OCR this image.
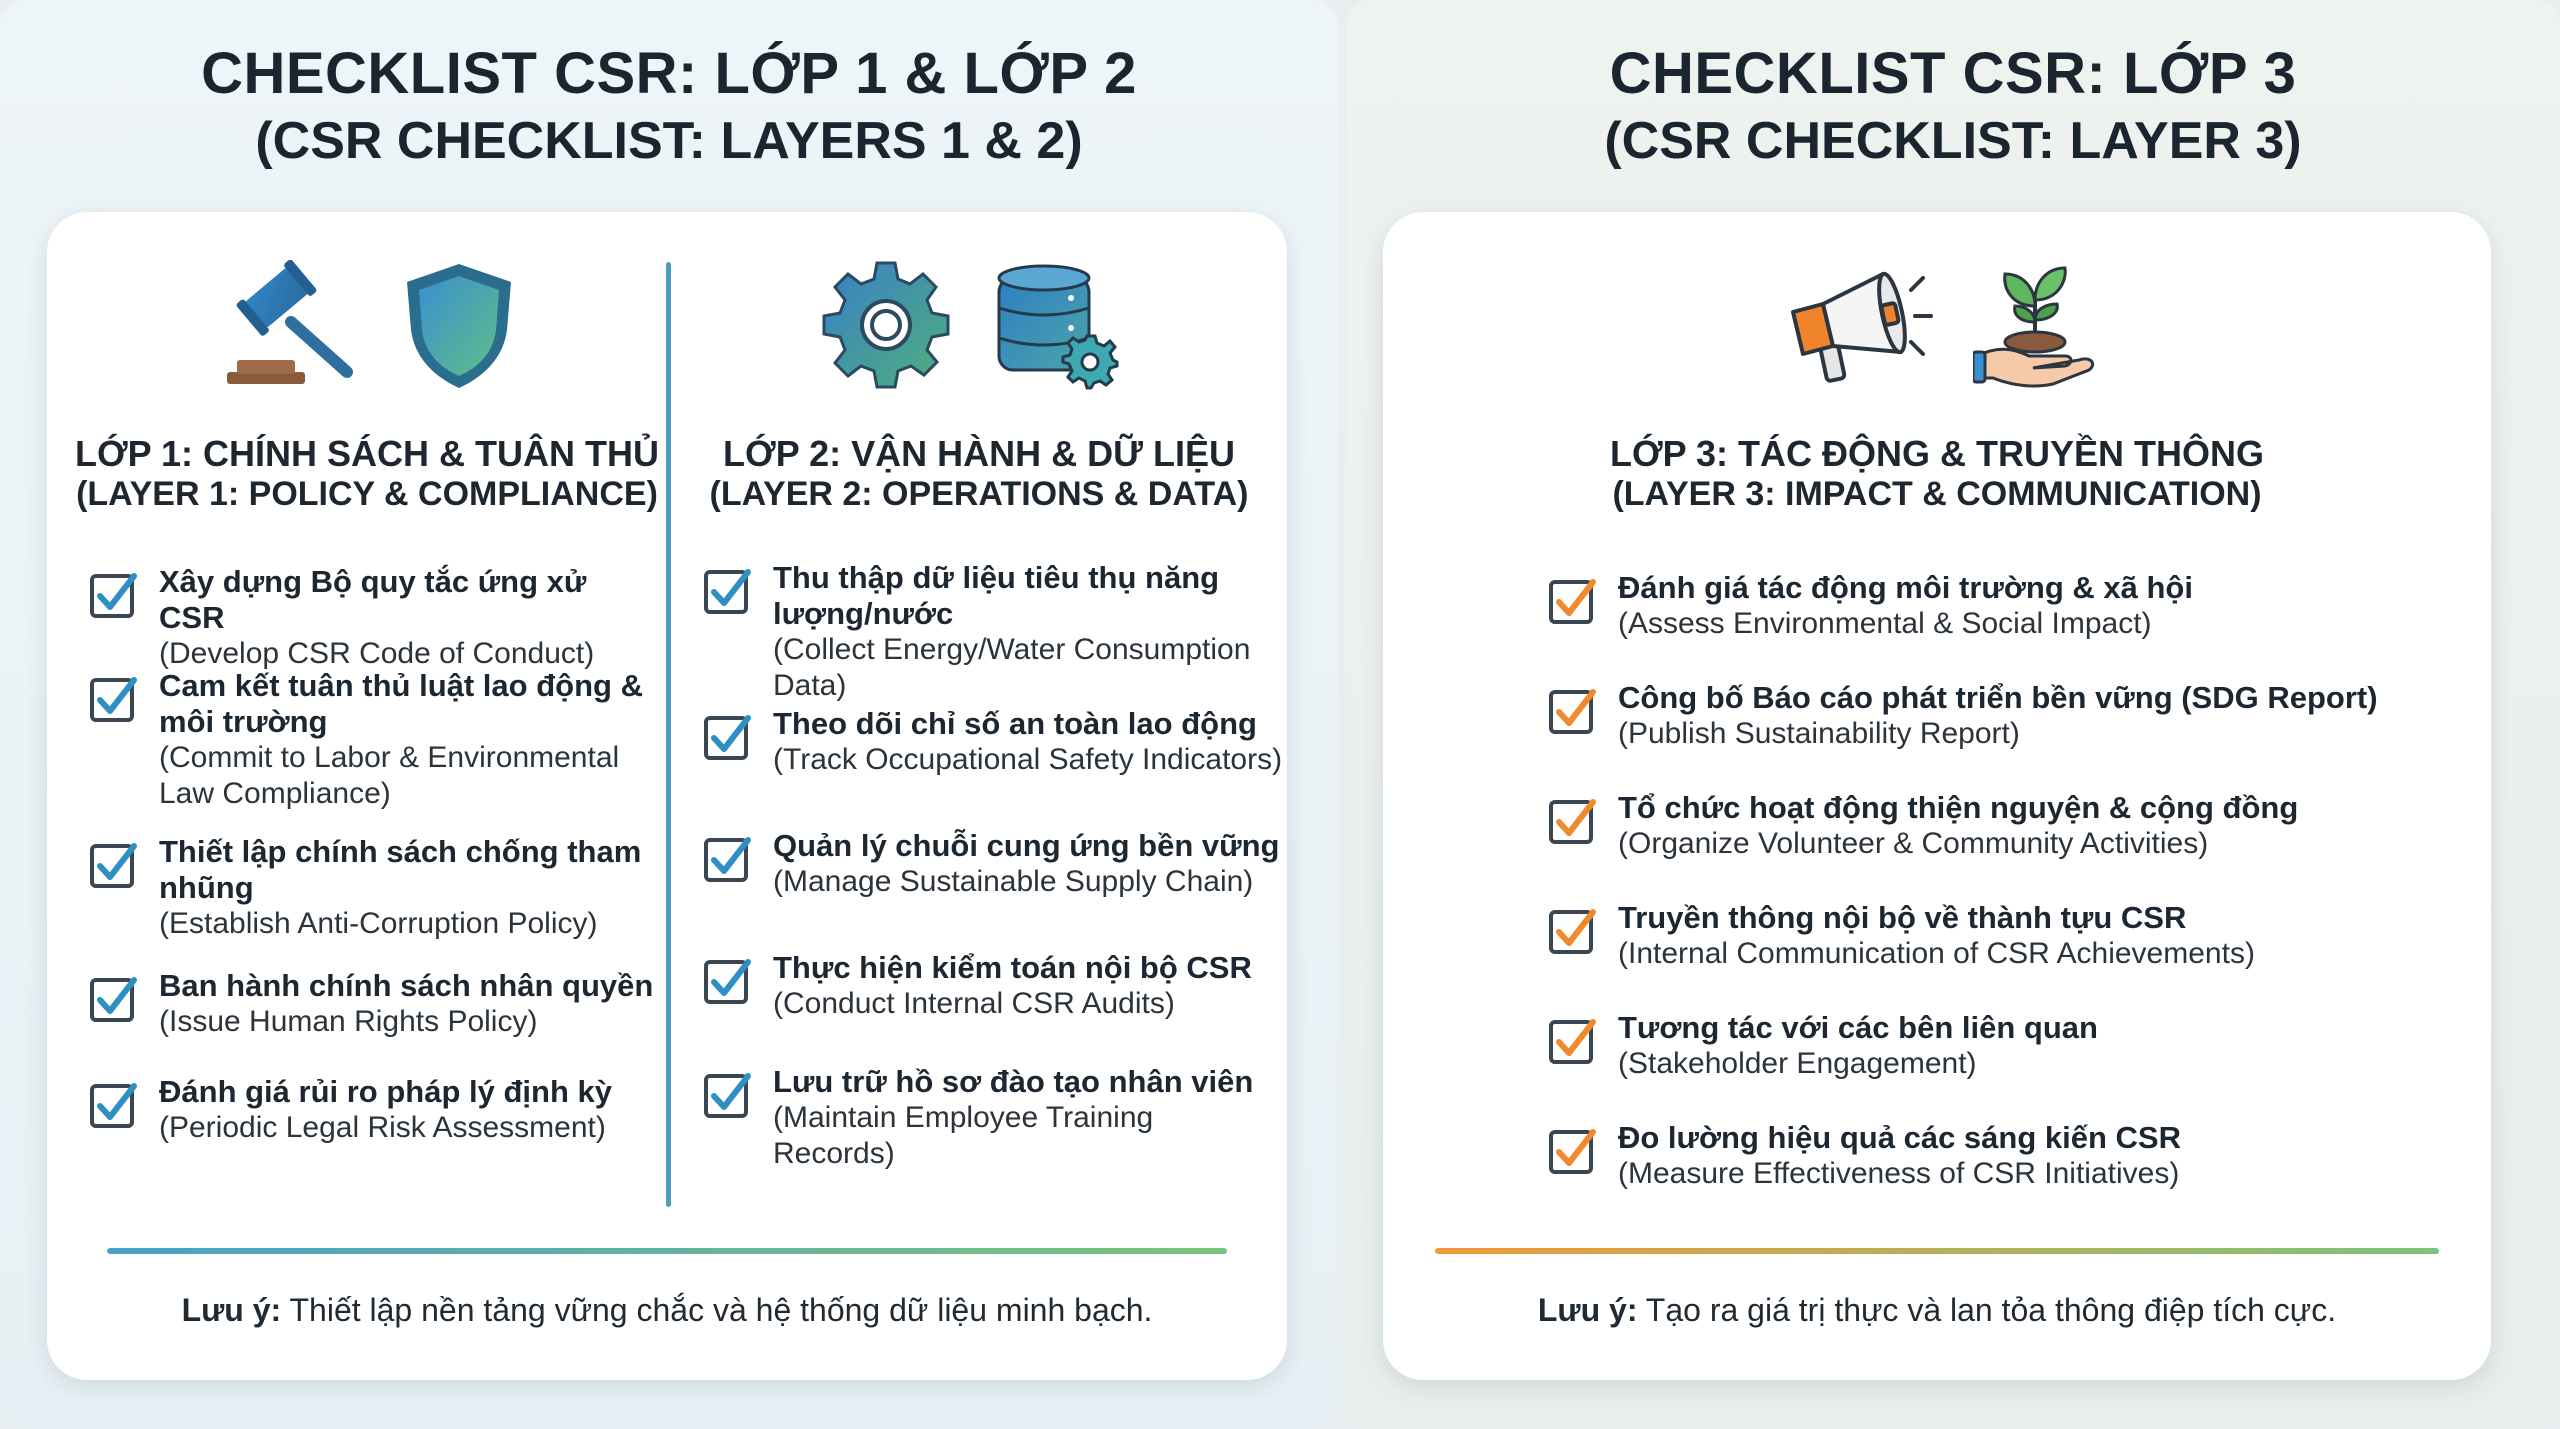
CHECKLIST CSR: LỚP 1 & LỚP 2
(CSR CHECKLIST: LAYERS 1 & 2)
LỚP 1: CHÍNH SÁCH & TUÂN THỦ
(LAYER 1: POLICY & COMPLIANCE)
Xây dựng Bộ quy tắc ứng xử CSR
(Develop CSR Code of Conduct)
Cam kết tuân thủ luật lao động & môi trường
(Commit to Labor & Environmental Law Compliance)
Thiết lập chính sách chống tham nhũng
(Establish Anti-Corruption Policy)
Ban hành chính sách nhân quyền
(Issue Human Rights Policy)
Đánh giá rủi ro pháp lý định kỳ
(Periodic Legal Risk Assessment)
LỚP 2: VẬN HÀNH & DỮ LIỆU
(LAYER 2: OPERATIONS & DATA)
Thu thập dữ liệu tiêu thụ năng lượng/nước
(Collect Energy/Water Consumption Data)
Theo dõi chỉ số an toàn lao động
(Track Occupational Safety Indicators)
Quản lý chuỗi cung ứng bền vững
(Manage Sustainable Supply Chain)
Thực hiện kiểm toán nội bộ CSR
(Conduct Internal CSR Audits)
Lưu trữ hồ sơ đào tạo nhân viên
(Maintain Employee Training Records)
Lưu ý: Thiết lập nền tảng vững chắc và hệ thống dữ liệu minh bạch.
CHECKLIST CSR: LỚP 3
(CSR CHECKLIST: LAYER 3)
LỚP 3: TÁC ĐỘNG & TRUYỀN THÔNG
(LAYER 3: IMPACT & COMMUNICATION)
Đánh giá tác động môi trường & xã hội
(Assess Environmental & Social Impact)
Công bố Báo cáo phát triển bền vững (SDG Report)
(Publish Sustainability Report)
Tổ chức hoạt động thiện nguyện & cộng đồng
(Organize Volunteer & Community Activities)
Truyền thông nội bộ về thành tựu CSR
(Internal Communication of CSR Achievements)
Tương tác với các bên liên quan
(Stakeholder Engagement)
Đo lường hiệu quả các sáng kiến CSR
(Measure Effectiveness of CSR Initiatives)
Lưu ý: Tạo ra giá trị thực và lan tỏa thông điệp tích cực.
